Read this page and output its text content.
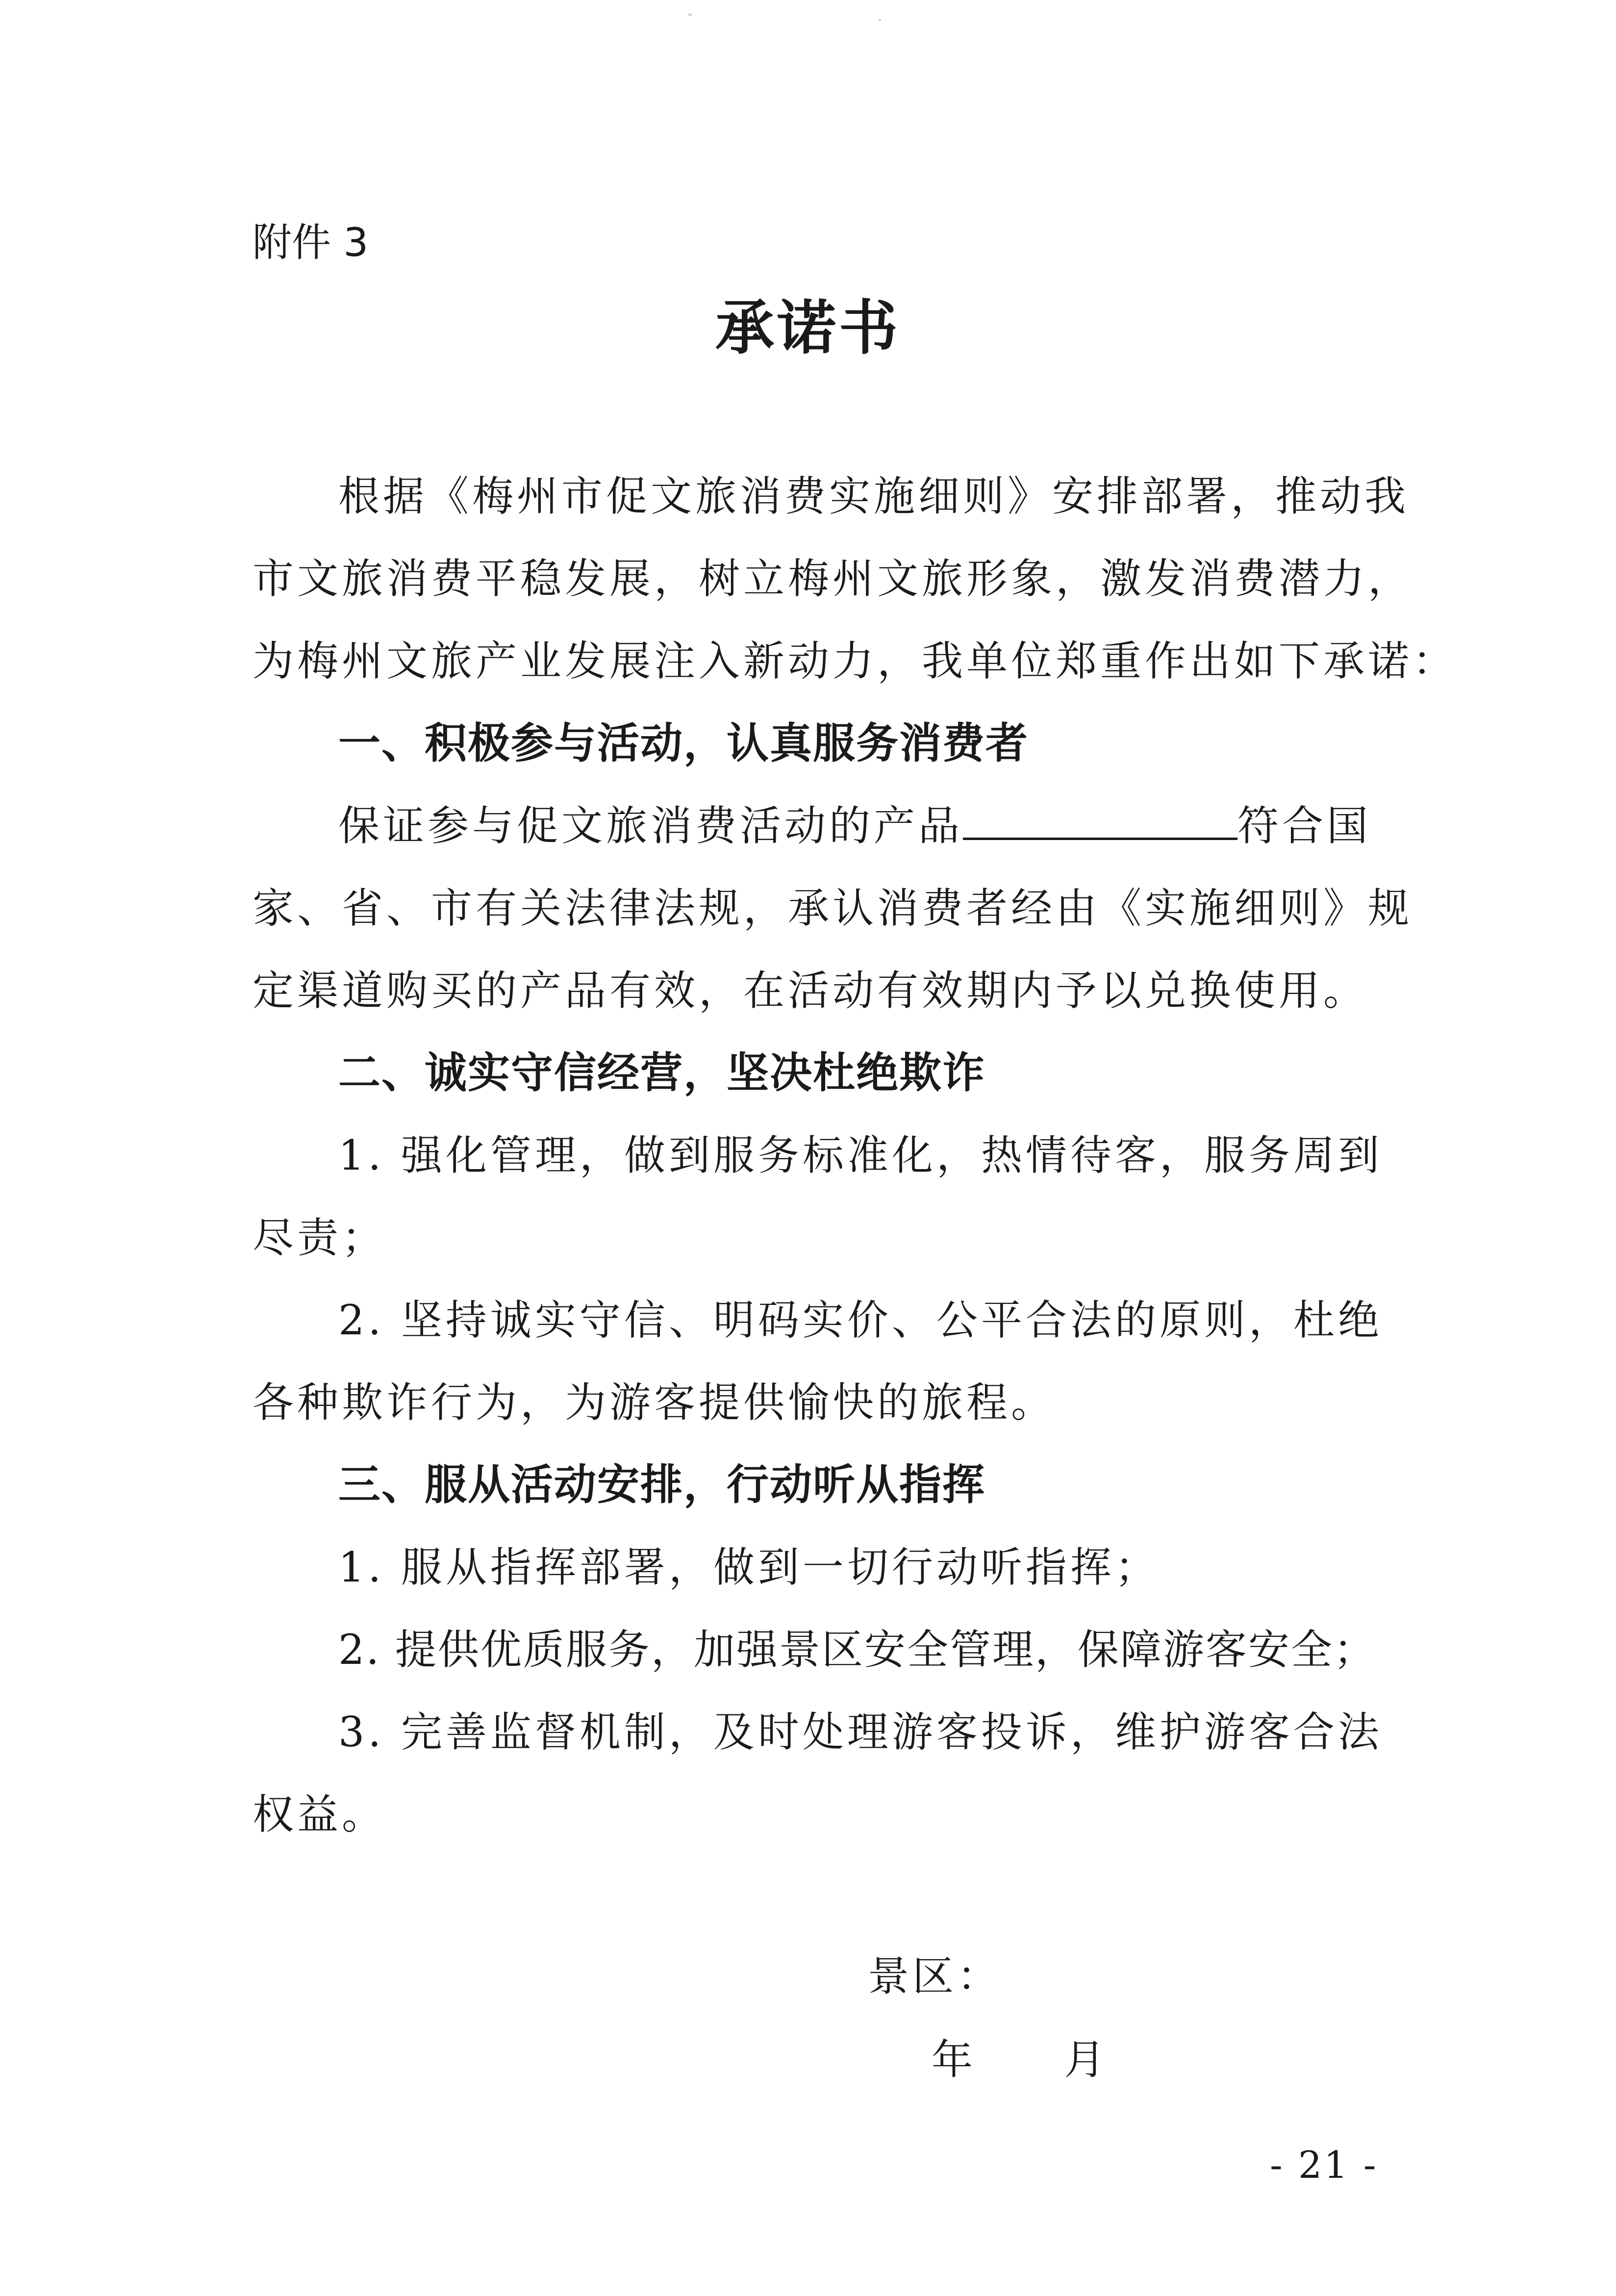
ˇ	·
附件 3
承诺书
根据《梅州市促文旅消费实施细则》安排部署，推动我
市文旅消费平稳发展，树立梅州文旅形象，激发消费潜力，
为梅州文旅产业发展注入新动力，我单位郑重作出如下承诺：
一、积极参与活动，认真服务消费者
保证参与促文旅消费活动的产品	符合国
家、省、市有关法律法规，承认消费者经由《实施细则》规
定渠道购买的产品有效，在活动有效期内予以兑换使用。
二、诚实守信经营，坚决杜绝欺诈
1. 强化管理，做到服务标准化，热情待客，服务周到
尽责；
2. 坚持诚实守信、明码实价、公平合法的原则，杜绝
各种欺诈行为，为游客提供愉快的旅程。
三、服从活动安排，行动听从指挥
1. 服从指挥部署，做到一切行动听指挥；
2. 提供优质服务，加强景区安全管理，保障游客安全；
3. 完善监督机制，及时处理游客投诉，维护游客合法
权益。
景区：
年 月
- 21 -
